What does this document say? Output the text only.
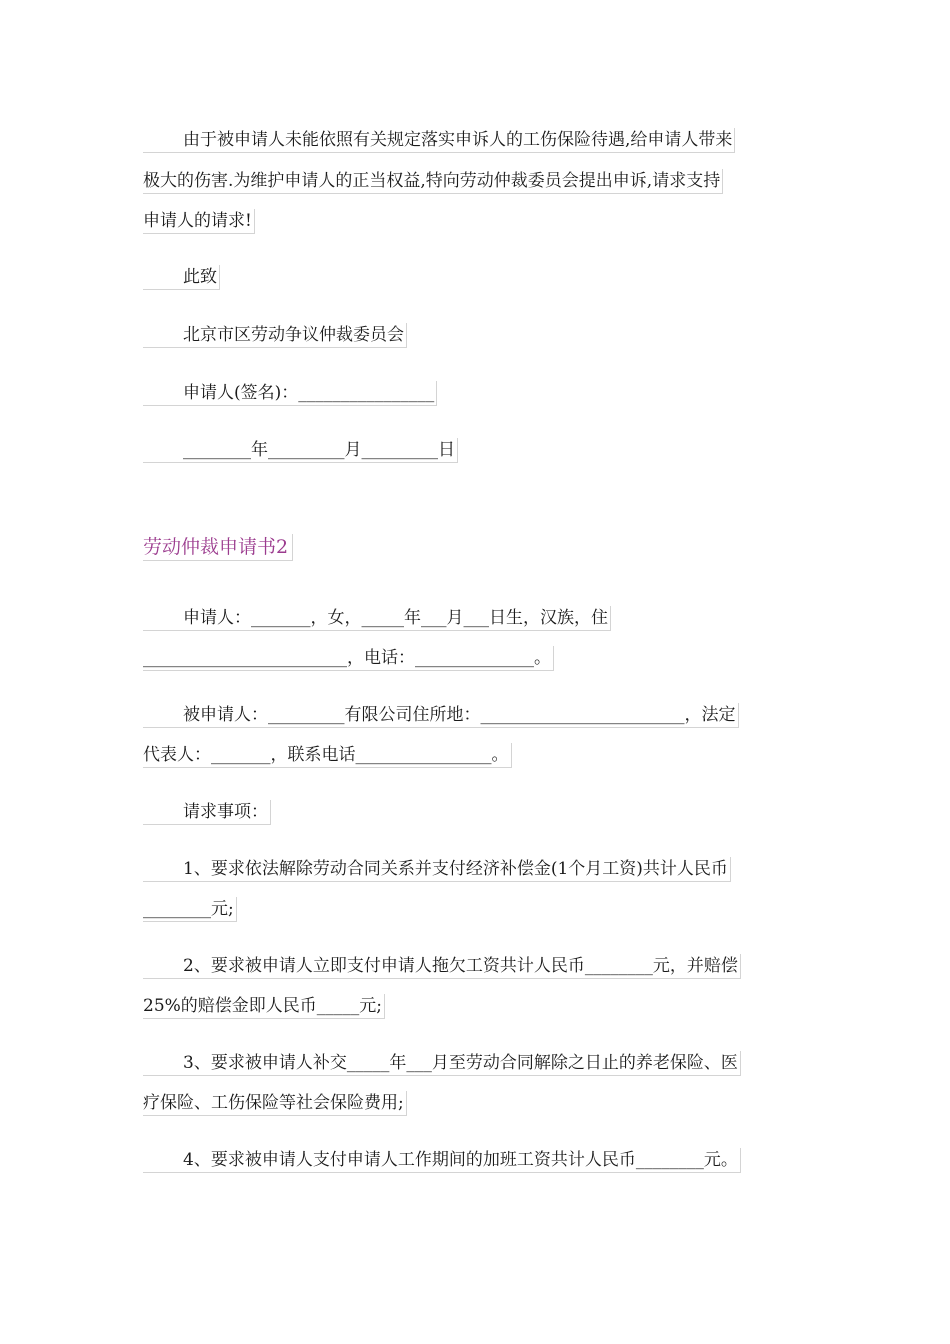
由于被申请人未能依照有关规定落实申诉人的工伤保险待遇,给申请人带来
极大的伤害.为维护申请人的正当权益,特向劳动仲裁委员会提出申诉,请求支持
申请人的请求!
此致
北京市区劳动争议仲裁委员会
申请人(签名)：________________
________年_________月_________日
劳动仲裁申请书2
申请人：_______，女，_____年___月___日生，汉族，住
________________________，电话：______________。
被申请人：_________有限公司住所地：________________________，法定
代表人：_______，联系电话________________。
请求事项：
1、要求依法解除劳动合同关系并支付经济补偿金(1个月工资)共计人民币
________元;
2、要求被申请人立即支付申请人拖欠工资共计人民币________元，并赔偿
25%的赔偿金即人民币_____元;
3、要求被申请人补交_____年___月至劳动合同解除之日止的养老保险、医
疗保险、工伤保险等社会保险费用;
4、要求被申请人支付申请人工作期间的加班工资共计人民币________元。
